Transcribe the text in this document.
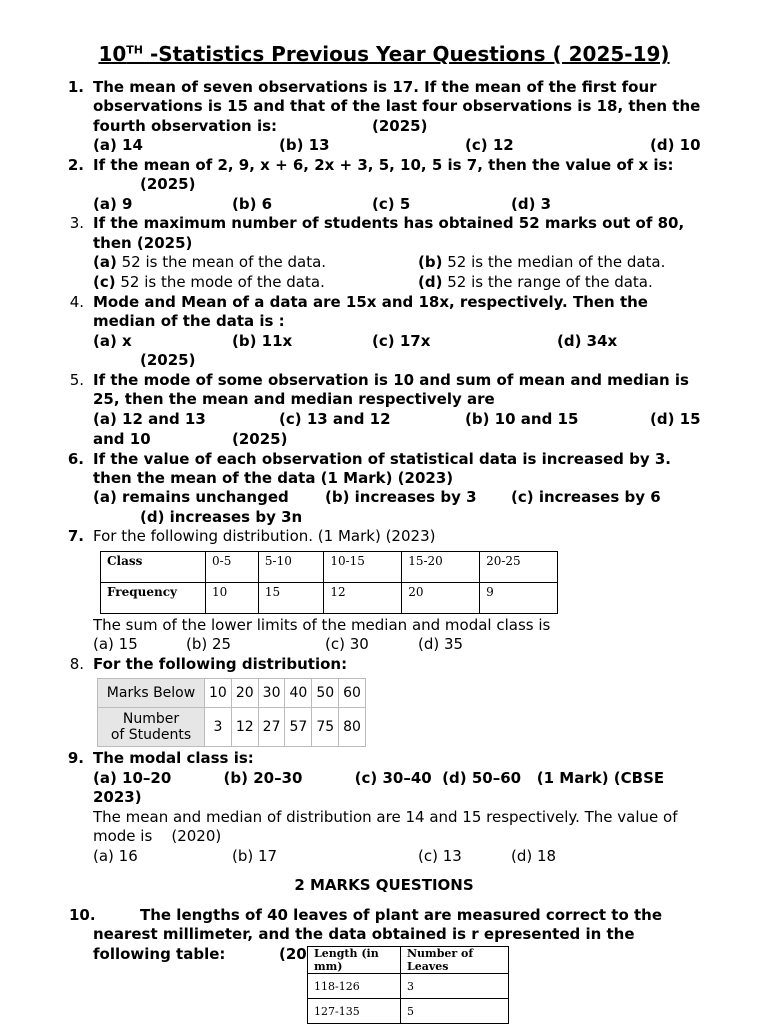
10TH -Statistics Previous Year Questions ( 2025-19)
1. The mean of seven observations is 17. If the mean of the first four
observations is 15 and that of the last four observations is 18, then the
fourth observation is:	(2025)
(a) 14	(b) 13	(c) 12	(d) 10
2. If the mean of 2, 9, x + 6, 2x + 3, 5, 10, 5 is 7, then the value of x is:
(2025)
(a) 9	(b) 6	(c) 5	(d) 3
3. If the maximum number of students has obtained 52 marks out of 80,
then (2025)
(a) 52 is the mean of the data.	(b) 52 is the median of the data.
(c) 52 is the mode of the data.	(d) 52 is the range of the data.
4. Mode and Mean of a data are 15x and 18x, respectively. Then the
median of the data is :
(a) x	(b) 11x	(c) 17x	(d) 34x
(2025)
5. If the mode of some observation is 10 and sum of mean and median is
25, then the mean and median respectively are
(a) 12 and 13	(c) 13 and 12	(b) 10 and 15	(d) 15
and 10	(2025)
6. If the value of each observation of statistical data is increased by 3.
then the mean of the data (1 Mark) (2023)
(a) remains unchanged (b) increases by 3 (c) increases by 6
(d) increases by 3n
7. For the following distribution. (1 Mark) (2023)
Class	0-5	5-10	10-15	15-20	20-25
Frequency	10	15	12	20	9
The sum of the lower limits of the median and modal class is
(a) 15	(b) 25	(c) 30	(d) 35
8. For the following distribution:
Marks Below	10	20	30	40	50	60
Number
of Students	3	12	27	57	75	80
9. The modal class is:
(a) 10–20          (b) 20–30          (c) 30–40  (d) 50–60   (1 Mark) (CBSE
2023)
The mean and median of distribution are 14 and 15 respectively. The value of
mode is    (2020)
(a) 16	(b) 17	(c) 13	(d) 18
2 MARKS QUESTIONS
10.	The lengths of 40 leaves of plant are measured correct to the
nearest millimeter, and the data obtained is r epresented in the
following table:	(20 Length (in mm)	Number of Leaves
118-126	3
127-135	5
